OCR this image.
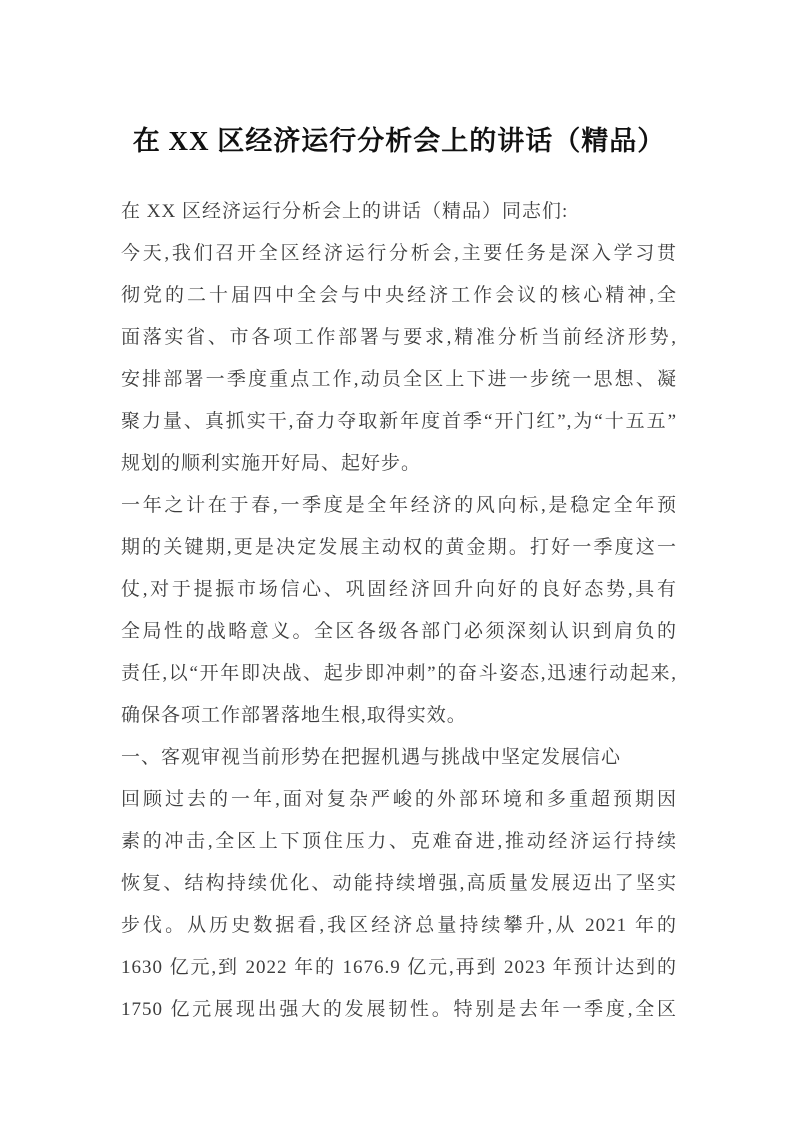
在 XX 区经济运行分析会上的讲话（精品）
在 XX 区经济运行分析会上的讲话（精品）同志们:
今天,我们召开全区经济运行分析会,主要任务是深入学习贯
彻党的二十届四中全会与中央经济工作会议的核心精神,全
面落实省、市各项工作部署与要求,精准分析当前经济形势,
安排部署一季度重点工作,动员全区上下进一步统一思想、凝
聚力量、真抓实干,奋力夺取新年度首季“开门红”,为“十五五”
规划的顺利实施开好局、起好步。
一年之计在于春,一季度是全年经济的风向标,是稳定全年预
期的关键期,更是决定发展主动权的黄金期。打好一季度这一
仗,对于提振市场信心、巩固经济回升向好的良好态势,具有
全局性的战略意义。全区各级各部门必须深刻认识到肩负的
责任,以“开年即决战、起步即冲刺”的奋斗姿态,迅速行动起来,
确保各项工作部署落地生根,取得实效。
一、客观审视当前形势在把握机遇与挑战中坚定发展信心
回顾过去的一年,面对复杂严峻的外部环境和多重超预期因
素的冲击,全区上下顶住压力、克难奋进,推动经济运行持续
恢复、结构持续优化、动能持续增强,高质量发展迈出了坚实
步伐。从历史数据看,我区经济总量持续攀升,从 2021 年的
1630 亿元,到 2022 年的 1676.9 亿元,再到 2023 年预计达到的
1750 亿元展现出强大的发展韧性。特别是去年一季度,全区
